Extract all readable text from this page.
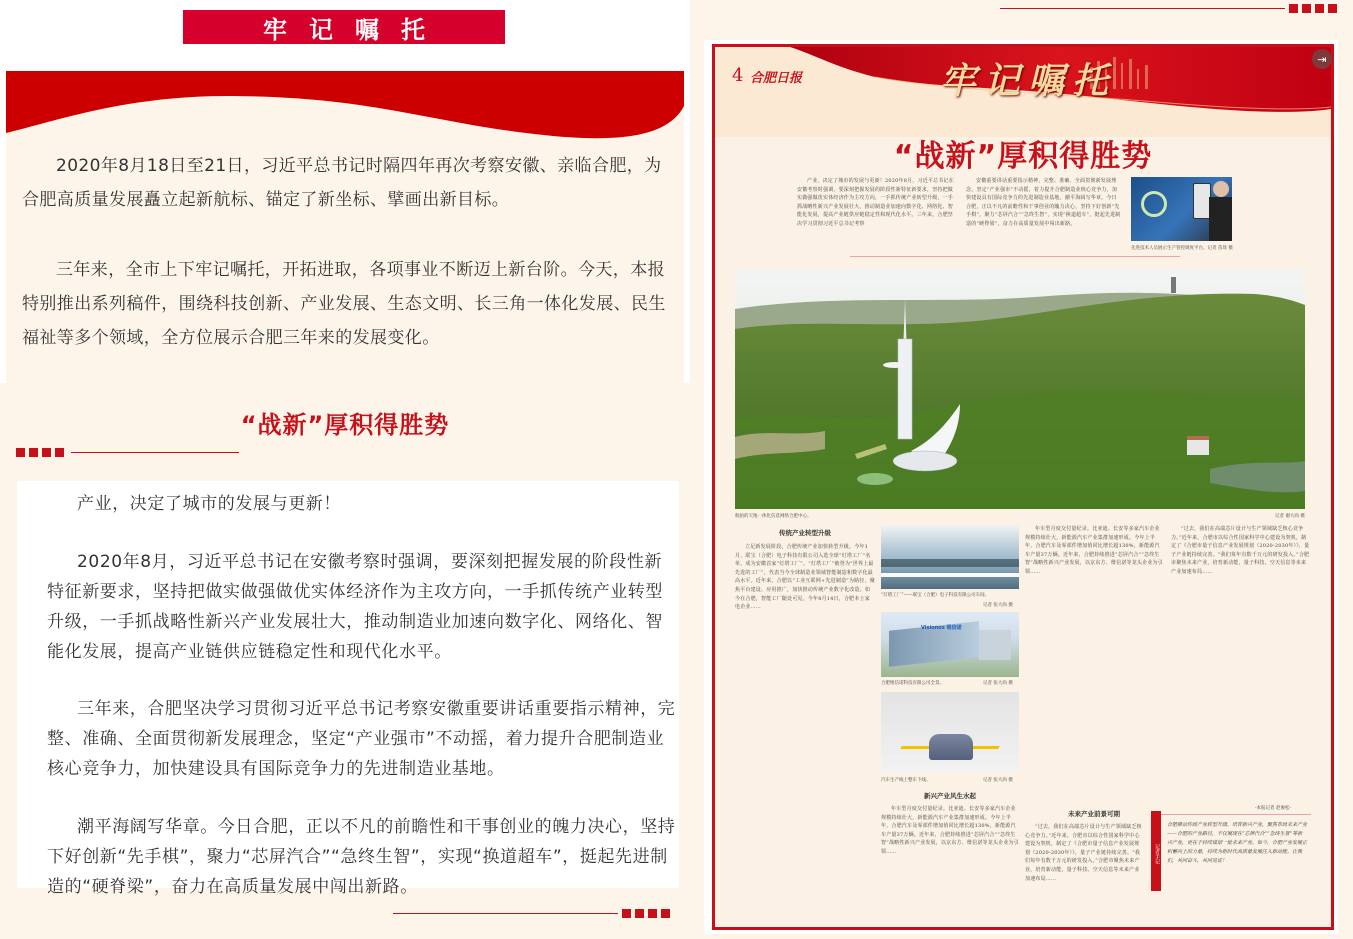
牢记嘱托

2020年8月18日至21日，习近平总书记时隔四年再次考察安徽、亲临合肥，为合肥高质量发展矗立起新航标、锚定了新坐标、擘画出新目标。

三年来，全市上下牢记嘱托，开拓进取，各项事业不断迈上新台阶。今天，本报特别推出系列稿件，围绕科技创新、产业发展、生态文明、长三角一体化发展、民生福祉等多个领域，全方位展示合肥三年来的发展变化。

“战新”厚积得胜势

产业，决定了城市的发展与更新！

2020年8月，习近平总书记在安徽考察时强调，要深刻把握发展的阶段性新特征新要求，坚持把做实做强做优实体经济作为主攻方向，一手抓传统产业转型升级，一手抓战略性新兴产业发展壮大，推动制造业加速向数字化、网络化、智能化发展，提高产业链供应链稳定性和现代化水平。

三年来，合肥坚决学习贯彻习近平总书记考察安徽重要讲话重要指示精神，完整、准确、全面贯彻新发展理念，坚定“产业强市”不动摇，着力提升合肥制造业核心竞争力，加快建设具有国际竞争力的先进制造业基地。

潮平海阔写华章。今日合肥，正以不凡的前瞻性和干事创业的魄力决心，坚持下好创新“先手棋”，聚力“芯屏汽合”“急终生智”，实现“换道超车”，挺起先进制造的“硬脊梁”，奋力在高质量发展中闯出新路。

4 合肥日报	牢记嘱托
“战新”厚积得胜势

产业，决定了城市的发展与更新！2020年8月，习近平总书记在安徽考察时强调，要深刻把握发展的阶段性新特征新要求，坚持把做实做强做优实体经济作为主攻方向，一手抓传统产业转型升级，一手抓战略性新兴产业发展壮大，推动制造业加速向数字化、网络化、智能化发展，提高产业链供应链稳定性和现代化水平。三年来，合肥坚决学习贯彻习近平总书记考察

安徽重要讲话重要指示精神，完整、准确、全面贯彻新发展理念，坚定“产业强市”不动摇，着力提升合肥制造业核心竞争力，加快建设具有国际竞争力的先进制造业基地。潮平海阔写华章。今日合肥，正以不凡的前瞻性和干事创业的魄力决心，坚持下好创新“先手棋”，聚力“芯屏汽合”“急终生智”，实现“换道超车”，挺起先进制造的“硬脊梁”，奋力在高质量发展中闯出新路。

先进技术人员展示生产管控调度平台。记者 苗琦 摄
航拍的天地一体化信息网络合肥中心。	记者 谢大尚 摄
传统产业转型升级

立足新发展阶段，合肥传统产业加快转型升级。今年1月，联宝（合肥）电子科技有限公司入选全球“灯塔工厂”名单，成为安徽首家“灯塔工厂”。“灯塔工厂”被誉为“世界上最先进的工厂”，代表当今全球制造业领域智能制造和数字化最高水平。近年来，合肥以“工业互联网+先进制造”为路径，聚焦平台建设、应用推广，加快推动传统产业数字化改造。如今在合肥，智能工厂随处可见。今年8月14日，合肥本土家电企业……

“灯塔工厂”——联宝（合肥）电子科技有限公司车间。
记者 张大尚 摄
Visionox 维信诺
合肥维信诺科技有限公司全景。	记者 张大尚 摄
汽车生产线上整车下线。	记者 张大尚 摄
新兴产业风生水起

年车型月度交付量纪录。比亚迪、长安等多家汽车企业规模持续壮大，新能源汽车产业集群加速形成。今年上半年，合肥汽车及零部件增加值同比增长超130%，新能源汽车产量37万辆。近年来，合肥持续推进“芯屏汽合”“急终生智”战略性新兴产业发展，以京东方、维信诺等龙头企业为引领……

年车型月度交付量纪录。比亚迪、长安等多家汽车企业规模持续壮大，新能源汽车产业集群加速形成。今年上半年，合肥汽车及零部件增加值同比增长超130%，新能源汽车产量37万辆。近年来，合肥持续推进“芯屏汽合”“急终生智”战略性新兴产业发展，以京东方、维信诺等龙头企业为引领……

未来产业前景可期

“过去，我们在高端芯片设计与生产领域缺乏核心竞争力。”近年来，合肥市以综合性国家科学中心建设为契机，制定了《合肥市量子信息产业发展规划（2020-2030年）》，量子产业链持续完善。“我们每年有数千万元的研发投入。”合肥市聚焦未来产业，培育新动能，量子科技、空天信息等未来产业加速布局……

“过去，我们在高端芯片设计与生产领域缺乏核心竞争力。”近年来，合肥市以综合性国家科学中心建设为契机，制定了《合肥市量子信息产业发展规划（2020-2030年）》，量子产业链持续完善。“我们每年有数千万元的研发投入。”合肥市聚焦未来产业，培育新动能，量子科技、空天信息等未来产业加速布局……

-本报记者 赵俊松-
记者手记
合肥推动传统产业转型升级、培育新兴产业，聚焦布局未来产业——合肥的产业路径，不仅展现在“芯屏汽合”“急终生智”等新兴产业，更在于持续谋划一批未来产业。如今，合肥产业发展正积蓄向上的力量，持续为新时代高质量发展注入新动能。让我们，共同奋斗，共同见证！
⇥
